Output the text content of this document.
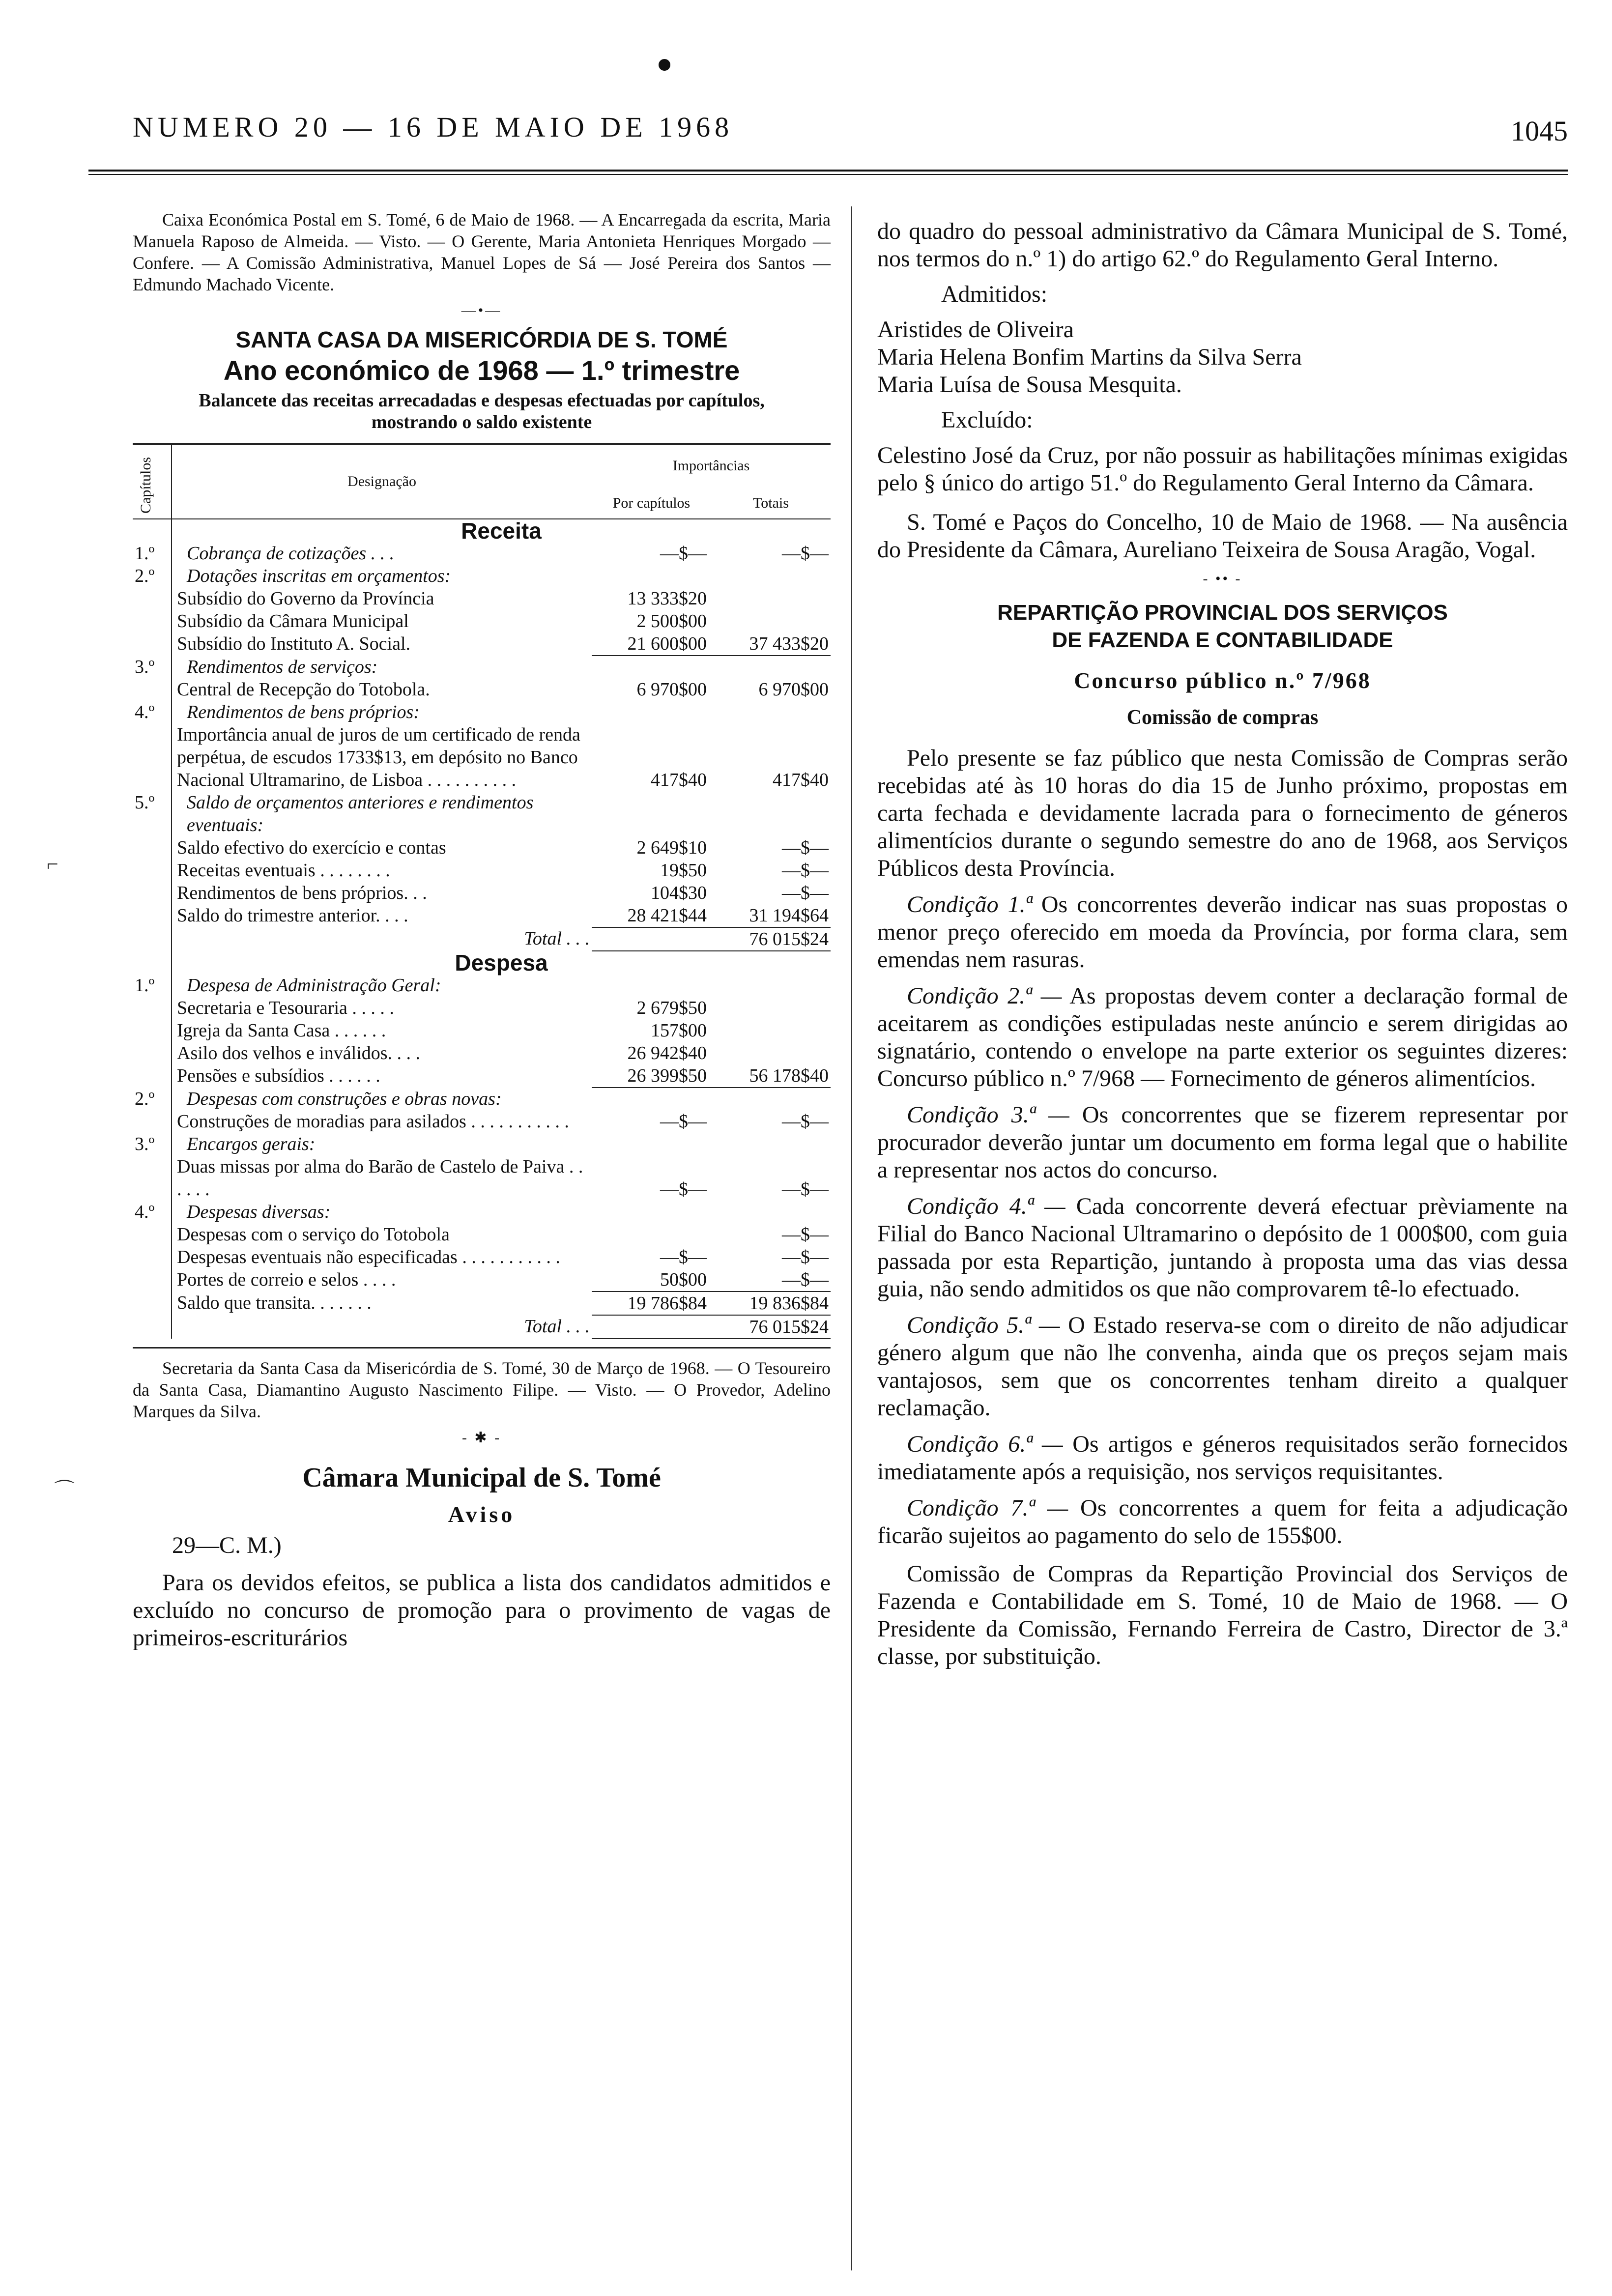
NUMERO 20 — 16 DE MAIO DE 1968	1045
⌐
⌒

Caixa Económica Postal em S. Tomé, 6 de Maio de 1968. — A Encarregada da escrita, Maria Manuela Raposo de Almeida. — Visto. — O Gerente, Maria Antonieta Henriques Morgado — Confere. — A Comissão Administrativa, Manuel Lopes de Sá — José Pereira dos Santos — Edmundo Machado Vicente.

—•—
SANTA CASA DA MISERICÓRDIA DE S. TOMÉ
Ano económico de 1968 — 1.º trimestre
Balancete das receitas arrecadadas e despesas efectuadas por capítulos, mostrando o saldo existente
Capítulos	Designação	Importâncias
Por capítulos Totais	

	Receita		
1.º	Cobrança de cotizações . . .	—$—	—$—
2.º	Dotações inscritas em orçamentos:		
	Subsídio do Governo da Província	13 333$20	
	Subsídio da Câmara Municipal	2 500$00	
	Subsídio do Instituto A. Social.	21 600$00	37 433$20
3.º	Rendimentos de serviços:		
	Central de Recepção do Totobola.	6 970$00	6 970$00
4.º	Rendimentos de bens próprios:		
	Importância anual de juros de um certificado de renda perpétua, de escudos 1733$13, em depósito no Banco Nacional Ultramarino, de Lisboa . . . . . . . . . .	417$40	417$40
5.º	Saldo de orçamentos anteriores e rendimentos eventuais:		
	Saldo efectivo do exercício e contas	2 649$10	—$—
	Receitas eventuais . . . . . . . .	19$50	—$—
	Rendimentos de bens próprios. . .	104$30	—$—
	Saldo do trimestre anterior. . . .	28 421$44	31 194$64
	Total . . .		76 015$24
	Despesa		
1.º	Despesa de Administração Geral:		
	Secretaria e Tesouraria . . . . .	2 679$50	
	Igreja da Santa Casa . . . . . .	157$00	
	Asilo dos velhos e inválidos. . . .	26 942$40	
	Pensões e subsídios . . . . . .	26 399$50	56 178$40
2.º	Despesas com construções e obras novas:		
	Construções de moradias para asilados . . . . . . . . . . .	—$—	—$—
3.º	Encargos gerais:		
	Duas missas por alma do Barão de Castelo de Paiva . . . . . .	—$—	—$—
4.º	Despesas diversas:		
	Despesas com o serviço do Totobola		—$—
	Despesas eventuais não especificadas . . . . . . . . . . .	—$—	—$—
	Portes de correio e selos . . . .	50$00	—$—
	Saldo que transita. . . . . . .	19 786$84	19 836$84
	Total . . .		76 015$24

Secretaria da Santa Casa da Misericórdia de S. Tomé, 30 de Março de 1968. — O Tesoureiro da Santa Casa, Diamantino Augusto Nascimento Filipe. — Visto. — O Provedor, Adelino Marques da Silva.

- ✱ -
Câmara Municipal de S. Tomé
Aviso

29—C. M.)

Para os devidos efeitos, se publica a lista dos candidatos admitidos e excluído no concurso de promoção para o provimento de vagas de primeiros-escriturários

do quadro do pessoal administrativo da Câmara Municipal de S. Tomé, nos termos do n.º 1) do artigo 62.º do Regulamento Geral Interno.

Admitidos:

Aristides de Oliveira

Maria Helena Bonfim Martins da Silva Serra

Maria Luísa de Sousa Mesquita.

Excluído:

Celestino José da Cruz, por não possuir as habilitações mínimas exigidas pelo § único do artigo 51.º do Regulamento Geral Interno da Câmara.

S. Tomé e Paços do Concelho, 10 de Maio de 1968. — Na ausência do Presidente da Câmara, Aureliano Teixeira de Sousa Aragão, Vogal.

- •• -
REPARTIÇÃO PROVINCIAL DOS SERVIÇOS
DE FAZENDA E CONTABILIDADE
Concurso público n.º 7/968
Comissão de compras

Pelo presente se faz público que nesta Comissão de Compras serão recebidas até às 10 horas do dia 15 de Junho próximo, propostas em carta fechada e devidamente lacrada para o fornecimento de géneros alimentícios durante o segundo semestre do ano de 1968, aos Serviços Públicos desta Província.

Condição 1.ª Os concorrentes deverão indicar nas suas propostas o menor preço oferecido em moeda da Província, por forma clara, sem emendas nem rasuras.

Condição 2.ª — As propostas devem conter a declaração formal de aceitarem as condições estipuladas neste anúncio e serem dirigidas ao signatário, contendo o envelope na parte exterior os seguintes dizeres: Concurso público n.º 7/968 — Fornecimento de géneros alimentícios.

Condição 3.ª — Os concorrentes que se fizerem representar por procurador deverão juntar um documento em forma legal que o habilite a representar nos actos do concurso.

Condição 4.ª — Cada concorrente deverá efectuar prèviamente na Filial do Banco Nacional Ultramarino o depósito de 1 000$00, com guia passada por esta Repartição, juntando à proposta uma das vias dessa guia, não sendo admitidos os que não comprovarem tê-lo efectuado.

Condição 5.ª — O Estado reserva-se com o direito de não adjudicar género algum que não lhe convenha, ainda que os preços sejam mais vantajosos, sem que os concorrentes tenham direito a qualquer reclamação.

Condição 6.ª — Os artigos e géneros requisitados serão fornecidos imediatamente após a requisição, nos serviços requisitantes.

Condição 7.ª — Os concorrentes a quem for feita a adjudicação ficarão sujeitos ao pagamento do selo de 155$00.

Comissão de Compras da Repartição Provincial dos Serviços de Fazenda e Contabilidade em S. Tomé, 10 de Maio de 1968. — O Presidente da Comissão, Fernando Ferreira de Castro, Director de 3.ª classe, por substituição.
